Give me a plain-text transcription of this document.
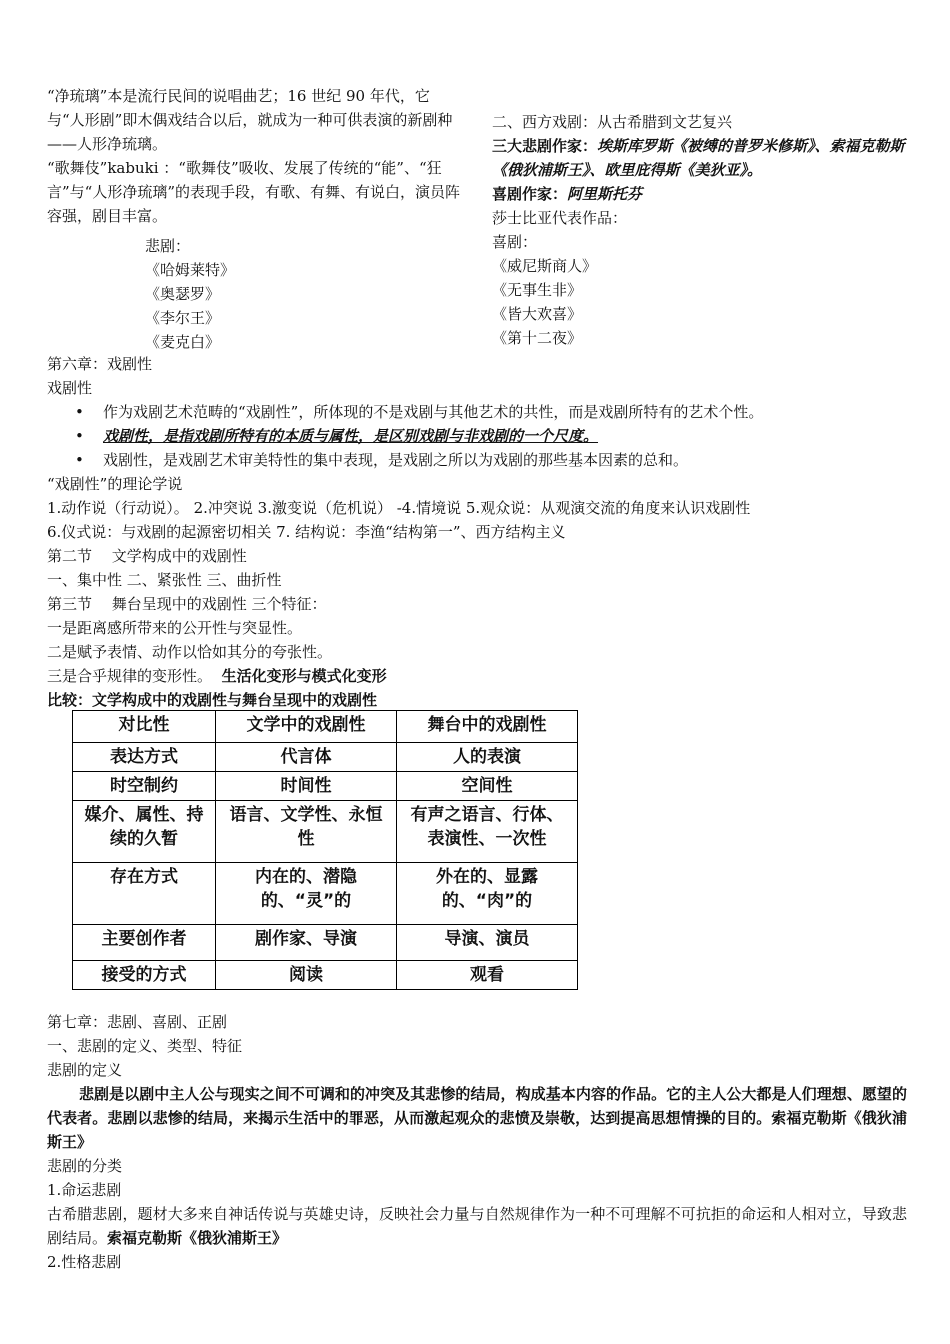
“净琉璃”本是流行民间的说唱曲艺；16 世纪 90 年代，它与“人形剧”即木偶戏结合以后，就成为一种可供表演的新剧种——人形净琉璃。

“歌舞伎”kabuki ：“歌舞伎”吸收、发展了传统的“能”、“狂言”与“人形净琉璃”的表现手段，有歌、有舞、有说白，演员阵容强，剧目丰富。

悲剧：
《哈姆莱特》
《奥瑟罗》
《李尔王》
《麦克白》

二、西方戏剧：从古希腊到文艺复兴

三大悲剧作家：埃斯库罗斯《被缚的普罗米修斯》、索福克勒斯《俄狄浦斯王》、欧里庇得斯《美狄亚》。

喜剧作家：阿里斯托芬

莎士比亚代表作品：

喜剧：

《威尼斯商人》

《无事生非》

《皆大欢喜》

《第十二夜》

第六章：戏剧性
戏剧性
• 作为戏剧艺术范畴的“戏剧性”，所体现的不是戏剧与其他艺术的共性，而是戏剧所特有的艺术个性。
• 戏剧性，是指戏剧所特有的本质与属性，是区别戏剧与非戏剧的一个尺度。
• 戏剧性，是戏剧艺术审美特性的集中表现，是戏剧之所以为戏剧的那些基本因素的总和。
“戏剧性”的理论学说
1.动作说（行动说）。 2.冲突说 3.激变说（危机说） -4.情境说 5.观众说：从观演交流的角度来认识戏剧性
6.仪式说：与戏剧的起源密切相关 7. 结构说：李渔“结构第一”、西方结构主义
第二节　 文学构成中的戏剧性
一、集中性 二、紧张性 三、曲折性
第三节　 舞台呈现中的戏剧性 三个特征：
一是距离感所带来的公开性与突显性。
二是赋予表情、动作以恰如其分的夸张性。
三是合乎规律的变形性。 生活化变形与模式化变形
比较：文学构成中的戏剧性与舞台呈现中的戏剧性
对比性	文学中的戏剧性	舞台中的戏剧性
表达方式	代言体	人的表演
时空制约	时间性	空间性
媒介、属性、持续的久暂	语言、文学性、永恒性	有声之语言、行体、表演性、一次性
存在方式	内在的、潜隐的、“灵”的	外在的、显露的、“肉”的
主要创作者	剧作家、导演	导演、演员
接受的方式	阅读	观看
第七章：悲剧、喜剧、正剧
一、悲剧的定义、类型、特征
悲剧的定义
悲剧是以剧中主人公与现实之间不可调和的冲突及其悲惨的结局，构成基本内容的作品。它的主人公大都是人们理想、愿望的代表者。悲剧以悲惨的结局，来揭示生活中的罪恶，从而激起观众的悲愤及崇敬，达到提高思想情操的目的。索福克勒斯《俄狄浦斯王》
悲剧的分类
1.命运悲剧
古希腊悲剧，题材大多来自神话传说与英雄史诗，反映社会力量与自然规律作为一种不可理解不可抗拒的命运和人相对立，导致悲剧结局。索福克勒斯《俄狄浦斯王》
2.性格悲剧
